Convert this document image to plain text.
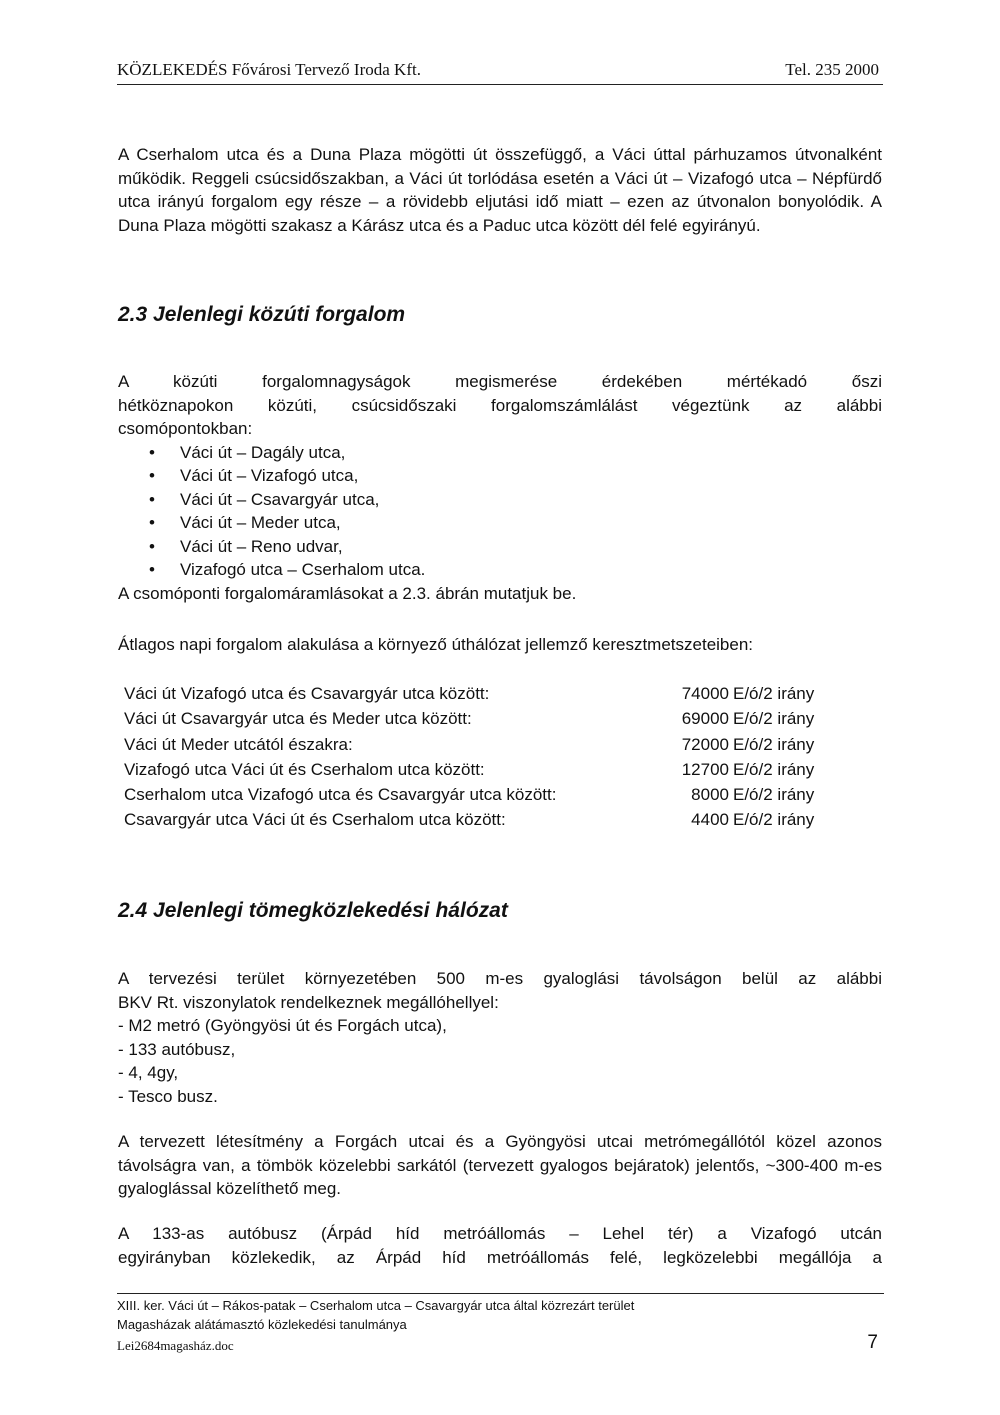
KÖZLEKEDÉS Fővárosi Tervező Iroda Kft.	Tel. 235 2000
A Cserhalom utca és a Duna Plaza mögötti út összefüggő, a Váci úttal párhuzamos útvonalként működik. Reggeli csúcsidőszakban, a Váci út torlódása esetén a Váci út – Vizafogó utca – Népfürdő utca irányú forgalom egy része – a rövidebb eljutási idő miatt – ezen az útvonalon bonyolódik. A Duna Plaza mögötti szakasz a Kárász utca és a Paduc utca között dél felé egyirányú.
2.3 Jelenlegi közúti forgalom
A közúti forgalomnagyságok megismerése érdekében mértékadó őszi
hétköznapokon közúti, csúcsidőszaki forgalomszámlálást végeztünk az alábbi
csomópontokban:
• Váci út – Dagály utca,
• Váci út – Vizafogó utca,
• Váci út – Csavargyár utca,
• Váci út – Meder utca,
• Váci út – Reno udvar,
• Vizafogó utca – Cserhalom utca.
A csomóponti forgalomáramlásokat a 2.3. ábrán mutatjuk be.
Átlagos napi forgalom alakulása a környező úthálózat jellemző keresztmetszeteiben:
Váci út Vizafogó utca és Csavargyár utca között:	74000 E/ó/2 irány
Váci út Csavargyár utca és Meder utca között:	69000 E/ó/2 irány
Váci út Meder utcától északra:	72000 E/ó/2 irány
Vizafogó utca Váci út és Cserhalom utca között:	12700 E/ó/2 irány
Cserhalom utca Vizafogó utca és Csavargyár utca között:	8000 E/ó/2 irány
Csavargyár utca Váci út és Cserhalom utca között:	4400 E/ó/2 irány
2.4 Jelenlegi tömegközlekedési hálózat
A tervezési terület környezetében 500 m-es gyaloglási távolságon belül az alábbi
BKV Rt. viszonylatok rendelkeznek megállóhellyel:
- M2 metró (Gyöngyösi út és Forgách utca),
- 133 autóbusz,
- 4, 4gy,
- Tesco busz.
A tervezett létesítmény a Forgách utcai és a Gyöngyösi utcai metrómegállótól közel azonos távolságra van, a tömbök közelebbi sarkától (tervezett gyalogos bejáratok) jelentős, ~300-400 m-es gyaloglással közelíthető meg.
A 133-as autóbusz (Árpád híd metróállomás – Lehel tér) a Vizafogó utcán
egyirányban közlekedik, az Árpád híd metróállomás felé, legközelebbi megállója a
XIII. ker. Váci út – Rákos-patak – Cserhalom utca – Csavargyár utca által közrezárt terület
Magasházak alátámasztó közlekedési tanulmánya
Lei2684magasház.doc	7
